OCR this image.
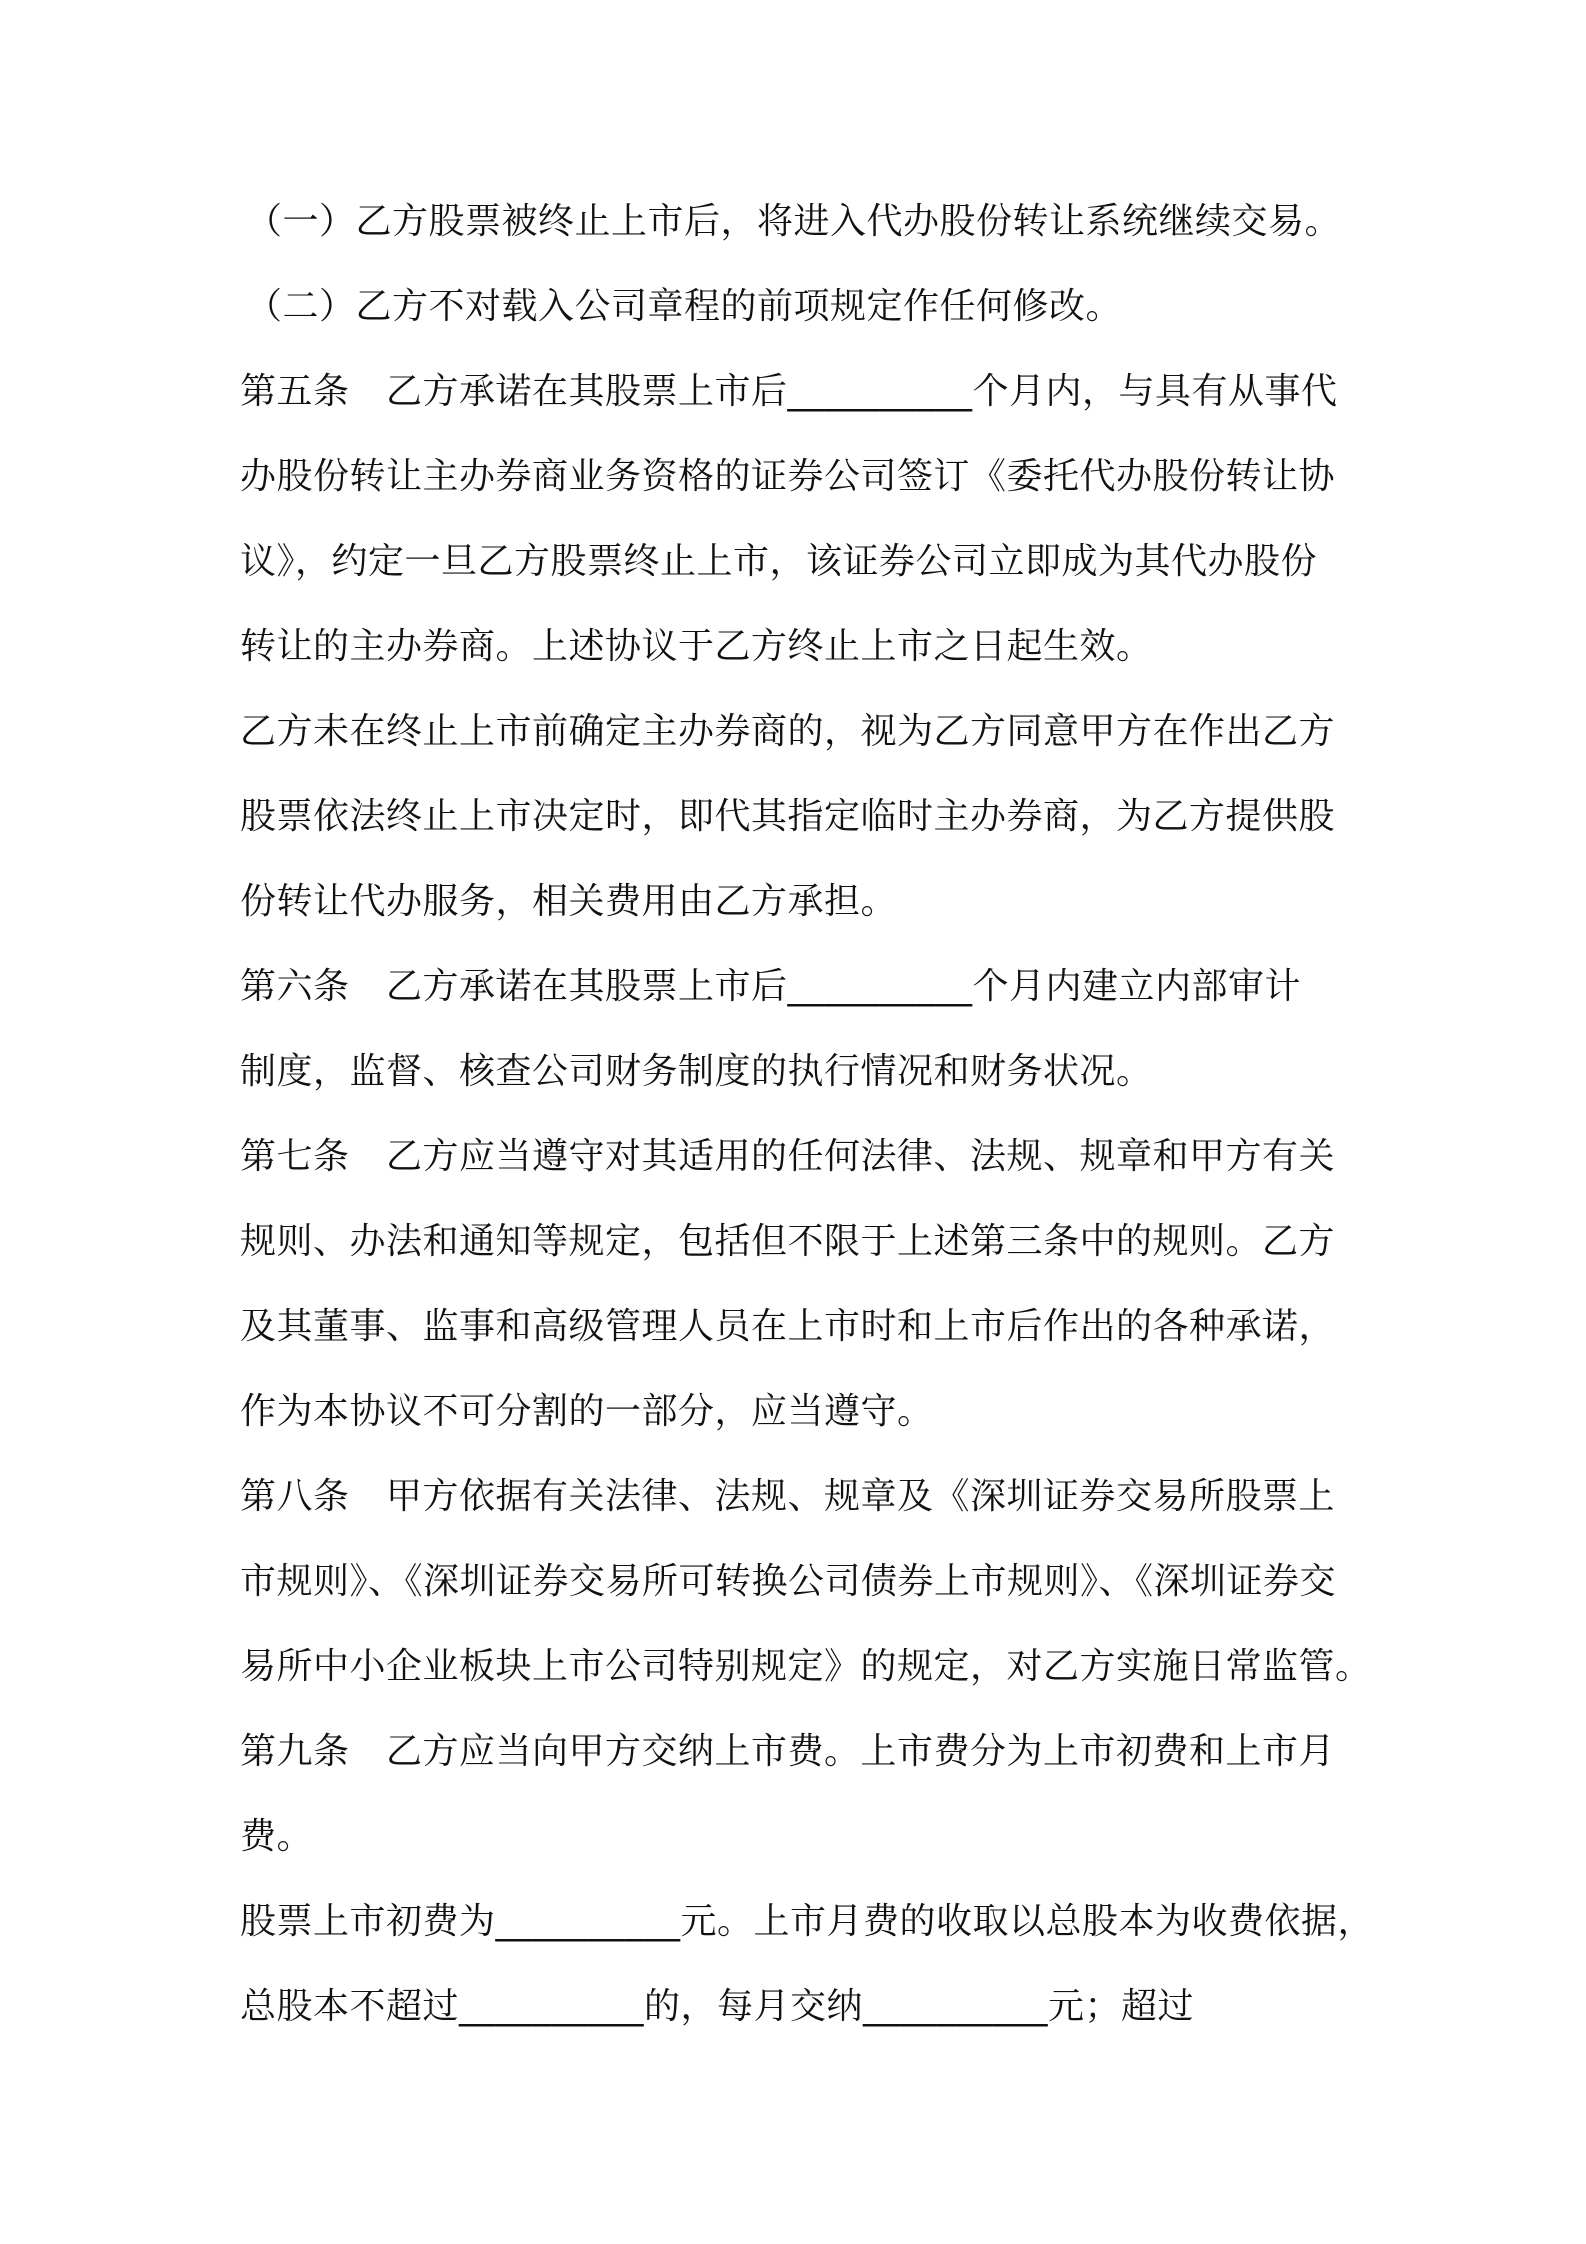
（一）乙方股票被终止上市后，将进入代办股份转让系统继续交易。
（二）乙方不对载入公司章程的前项规定作任何修改。
第五条　乙方承诺在其股票上市后__________个月内，与具有从事代
办股份转让主办券商业务资格的证券公司签订《委托代办股份转让协
议》，约定一旦乙方股票终止上市，该证券公司立即成为其代办股份
转让的主办券商。上述协议于乙方终止上市之日起生效。
乙方未在终止上市前确定主办券商的，视为乙方同意甲方在作出乙方
股票依法终止上市决定时，即代其指定临时主办券商，为乙方提供股
份转让代办服务，相关费用由乙方承担。
第六条　乙方承诺在其股票上市后__________个月内建立内部审计
制度，监督、核查公司财务制度的执行情况和财务状况。
第七条　乙方应当遵守对其适用的任何法律、法规、规章和甲方有关
规则、办法和通知等规定，包括但不限于上述第三条中的规则。乙方
及其董事、监事和高级管理人员在上市时和上市后作出的各种承诺，
作为本协议不可分割的一部分，应当遵守。
第八条　甲方依据有关法律、法规、规章及《深圳证券交易所股票上
市规则》、《深圳证券交易所可转换公司债券上市规则》、《深圳证券交
易所中小企业板块上市公司特别规定》的规定，对乙方实施日常监管。
第九条　乙方应当向甲方交纳上市费。上市费分为上市初费和上市月
费。
股票上市初费为__________元。上市月费的收取以总股本为收费依据，
总股本不超过__________的，每月交纳__________元；超过
